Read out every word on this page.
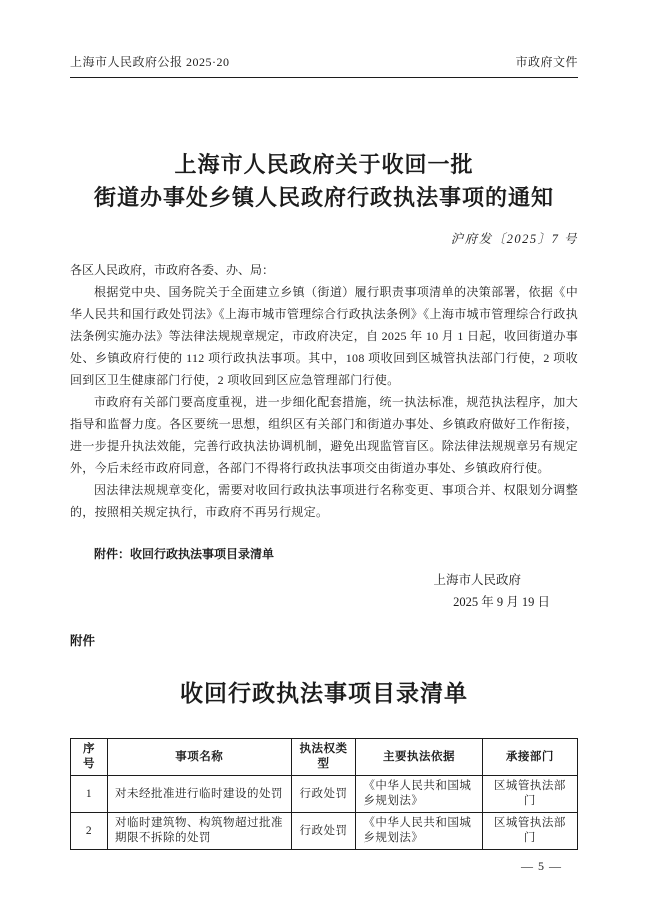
上海市人民政府公报 2025·20	市政府文件
上海市人民政府关于收回一批
街道办事处乡镇人民政府行政执法事项的通知
沪府发〔2025〕7 号

各区人民政府，市政府各委、办、局：

根据党中央、国务院关于全面建立乡镇（街道）履行职责事项清单的决策部署，依据《中华人民共和国行政处罚法》《上海市城市管理综合行政执法条例》《上海市城市管理综合行政执法条例实施办法》等法律法规规章规定，市政府决定，自 2025 年 10 月 1 日起，收回街道办事处、乡镇政府行使的 112 项行政执法事项。其中，108 项收回到区城管执法部门行使，2 项收回到区卫生健康部门行使，2 项收回到区应急管理部门行使。

市政府有关部门要高度重视，进一步细化配套措施，统一执法标准，规范执法程序，加大指导和监督力度。各区要统一思想，组织区有关部门和街道办事处、乡镇政府做好工作衔接，进一步提升执法效能，完善行政执法协调机制，避免出现监管盲区。除法律法规规章另有规定外，今后未经市政府同意，各部门不得将行政执法事项交由街道办事处、乡镇政府行使。

因法律法规规章变化，需要对收回行政执法事项进行名称变更、事项合并、权限划分调整的，按照相关规定执行，市政府不再另行规定。

附件：收回行政执法事项目录清单

上海市人民政府
2025 年 9 月 19 日
附件
收回行政执法事项目录清单
序号	事项名称	执法权类型	主要执法依据	承接部门
1	对未经批准进行临时建设的处罚	行政处罚	《中华人民共和国城乡规划法》	区城管执法部门
2	对临时建筑物、构筑物超过批准期限不拆除的处罚	行政处罚	《中华人民共和国城乡规划法》	区城管执法部门
— 5 —
